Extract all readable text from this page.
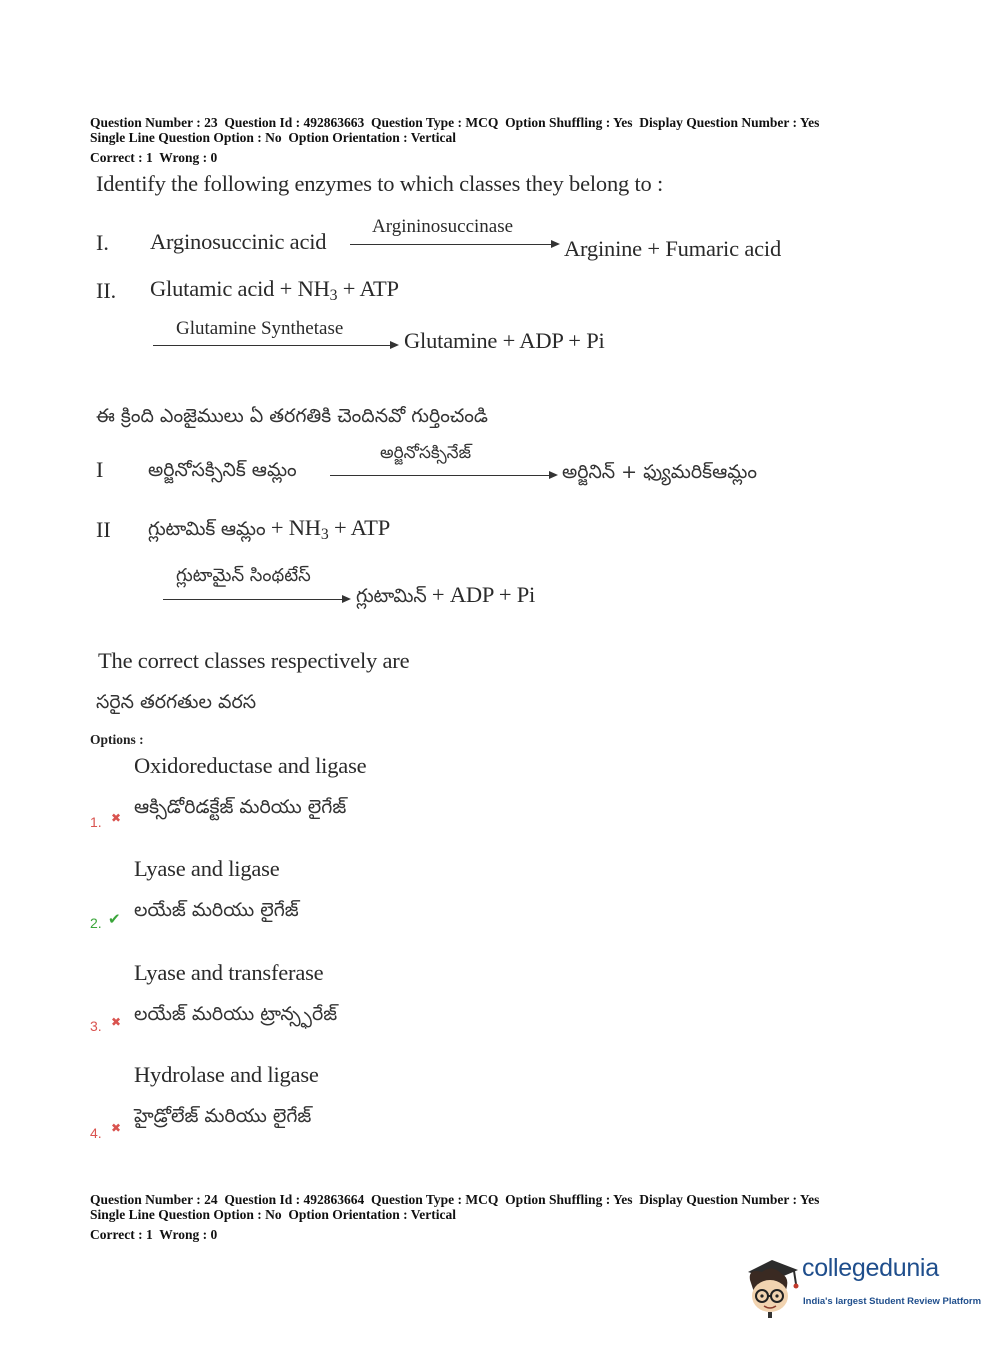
Question Number : 23  Question Id : 492863663  Question Type : MCQ  Option Shuffling : Yes  Display Question Number : Yes
Single Line Question Option : No  Option Orientation : Vertical
Correct : 1  Wrong : 0
Identify the following enzymes to which classes they belong to :
I. Arginosuccinic acid
Argininosuccinase
Arginine + Fumaric acid
II. Glutamic acid + $NH_3$ + ATP
Glutamine Synthetase	Glutamine + ADP + Pi
ఈ క్రింది ఎంజైములు ఏ తరగతికి చెందినవో గుర్తించండి
I అర్జినోసక్సినిక్ ఆమ్లం
అర్జినోసక్సినేజ్
అర్జినిన్ + ఫ్యుమరిక్ఆమ్లం
II గ్లుటామిక్ ఆమ్లం + $NH_3$ + ATP
గ్లుటామైన్ సింథటేస్
గ్లుటామిన్ + ADP + Pi
The correct classes respectively are
సరైన తరగతుల వరస
Options :
Oxidoreductase and ligase
ఆక్సిడోరిడక్టేజ్ మరియు లైగేజ్
1. ✖
Lyase and ligase
లయేజ్ మరియు లైగేజ్
2. ✔
Lyase and transferase
లయేజ్ మరియు ట్రాన్స్ఫరేజ్
3. ✖
Hydrolase and ligase
హైడ్రోలేజ్ మరియు లైగేజ్
4. ✖
Question Number : 24  Question Id : 492863664  Question Type : MCQ  Option Shuffling : Yes  Display Question Number : Yes
Single Line Question Option : No  Option Orientation : Vertical
Correct : 1  Wrong : 0
collegedunia
India's largest Student Review Platform
